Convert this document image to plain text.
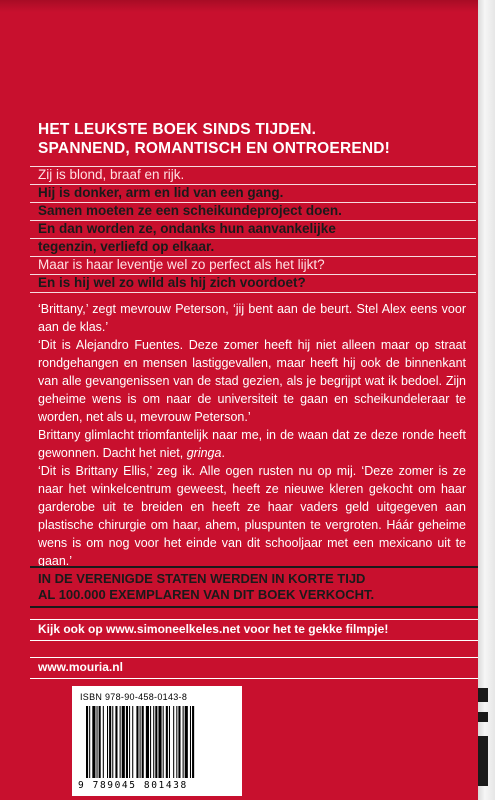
HET LEUKSTE BOEK SINDS TIJDEN.
SPANNEND, ROMANTISCH EN ONTROEREND!
Zij is blond, braaf en rijk.
Hij is donker, arm en lid van een gang.
Samen moeten ze een scheikundeproject doen.
En dan worden ze, ondanks hun aanvankelijke
tegenzin, verliefd op elkaar.
Maar is haar leventje wel zo perfect als het lijkt?
En is hij wel zo wild als hij zich voordoet?

‘Brittany,’ zegt mevrouw Peterson, ‘jij bent aan de beurt. Stel Alex eens voor aan de klas.’

‘Dit is Alejandro Fuentes. Deze zomer heeft hij niet alleen maar op straat rondgehangen en mensen lastiggevallen, maar heeft hij ook de binnenkant van alle gevangenissen van de stad gezien, als je begrijpt wat ik bedoel. Zijn geheime wens is om naar de universiteit te gaan en scheikundeleraar te worden, net als u, mevrouw Peterson.’

Brittany glimlacht triomfantelijk naar me, in de waan dat ze deze ronde heeft gewonnen. Dacht het niet, gringa.

‘Dit is Brittany Ellis,’ zeg ik. Alle ogen rusten nu op mij. ‘Deze zomer is ze naar het winkelcentrum geweest, heeft ze nieuwe kleren gekocht om haar garderobe uit te breiden en heeft ze haar vaders geld uitgegeven aan plastische chirurgie om haar, ahem, pluspunten te vergroten. Háár geheime wens is om nog voor het einde van dit schooljaar met een mexicano uit te gaan.’

IN DE VERENIGDE STATEN WERDEN IN KORTE TIJD
AL 100.000 EXEMPLAREN VAN DIT BOEK VERKOCHT.
Kijk ook op www.simoneelkeles.net voor het te gekke filmpje!
www.mouria.nl
ISBN 978-90-458-0143-8
9 789045 801438
